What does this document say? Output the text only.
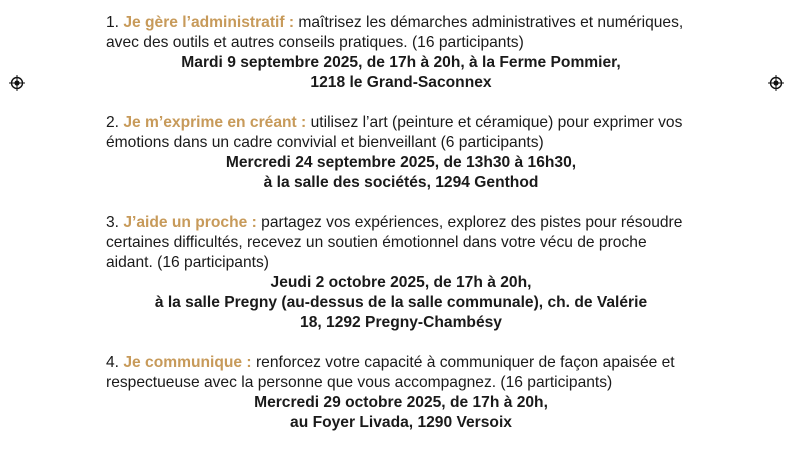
1. Je gère l’administratif : maîtrisez les démarches administratives et numériques, avec des outils et autres conseils pratiques. (16 participants)

Mardi 9 septembre 2025, de 17h à 20h, à la Ferme Pommier,

1218 le Grand-Saconnex

2. Je m’exprime en créant : utilisez l’art (peinture et céramique) pour exprimer vos émotions dans un cadre convivial et bienveillant (6 participants)

Mercredi 24 septembre 2025, de 13h30 à 16h30,

à la salle des sociétés, 1294 Genthod

3. J’aide un proche : partagez vos expériences, explorez des pistes pour résoudre certaines difficultés, recevez un soutien émotionnel dans votre vécu de proche aidant. (16 participants)

Jeudi 2 octobre 2025, de 17h à 20h,

à la salle Pregny (au-dessus de la salle communale), ch. de Valérie

18, 1292 Pregny-Chambésy

4. Je communique : renforcez votre capacité à communiquer de façon apaisée et respectueuse avec la personne que vous accompagnez. (16 participants)

Mercredi 29 octobre 2025, de 17h à 20h,

au Foyer Livada, 1290 Versoix
